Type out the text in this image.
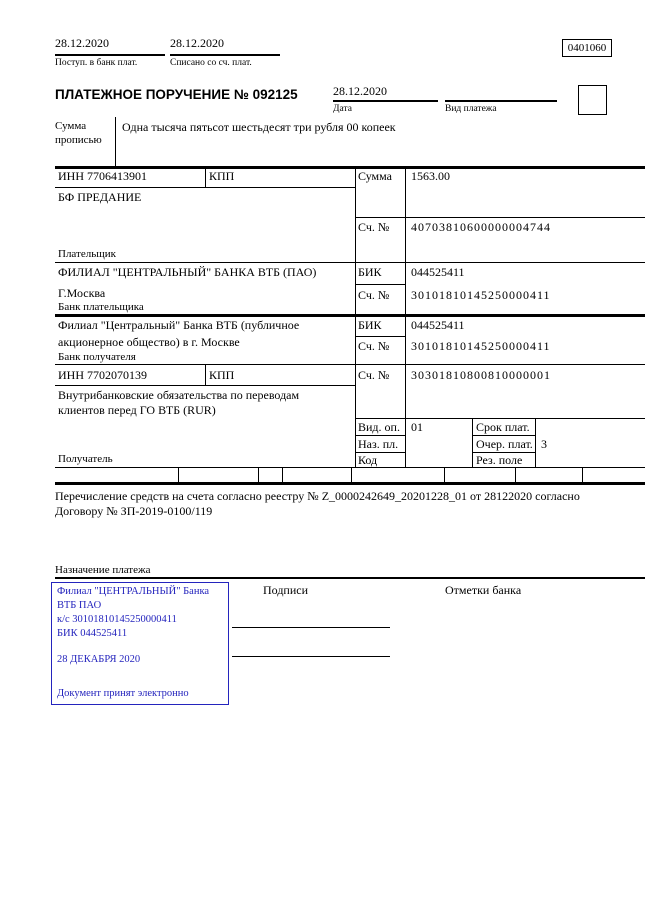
28.12.2020
Поступ. в банк плат.
28.12.2020
Списано со сч. плат.
0401060
ПЛАТЕЖНОЕ ПОРУЧЕНИЕ № 092125	28.12.2020
Дата	Вид платежа
Сумма
прописью
Одна тысяча пятьсот шестьдесят три рубля 00 копеек
ИНН 7706413901	КПП	Сумма 1563.00
БФ ПРЕДАНИЕ
Сч. № 40703810600000004744
Плательщик
ФИЛИАЛ "ЦЕНТРАЛЬНЫЙ" БАНКА ВТБ (ПАО)	БИК 044525411
Г.Москва	Сч. № 30101810145250000411
Банк плательщика
Филиал "Центральный" Банка ВТБ (публичное	БИК 044525411
акционерное общество) в г. Москве	Сч. № 30101810145250000411
Банк получателя
ИНН 7702070139	КПП	Сч. № 30301810800810000001
Внутрибанковские обязательства по переводам
клиентов перед ГО ВТБ (RUR)
Вид. оп. 01	Срок плат.
Наз. пл.	Очер. плат. 3
Код	Рез. поле
Получатель
Перечисление средств на счета согласно реестру № Z_0000242649_20201228_01 от 28122020 согласно
Договору № ЗП-2019-0100/119
Назначение платежа
Подписи	Отметки банка
Филиал "ЦЕНТРАЛЬНЫЙ" Банка
ВТБ ПАО
к/с 30101810145250000411
БИК 044525411
28 ДЕКАБРЯ 2020
Документ принят электронно
